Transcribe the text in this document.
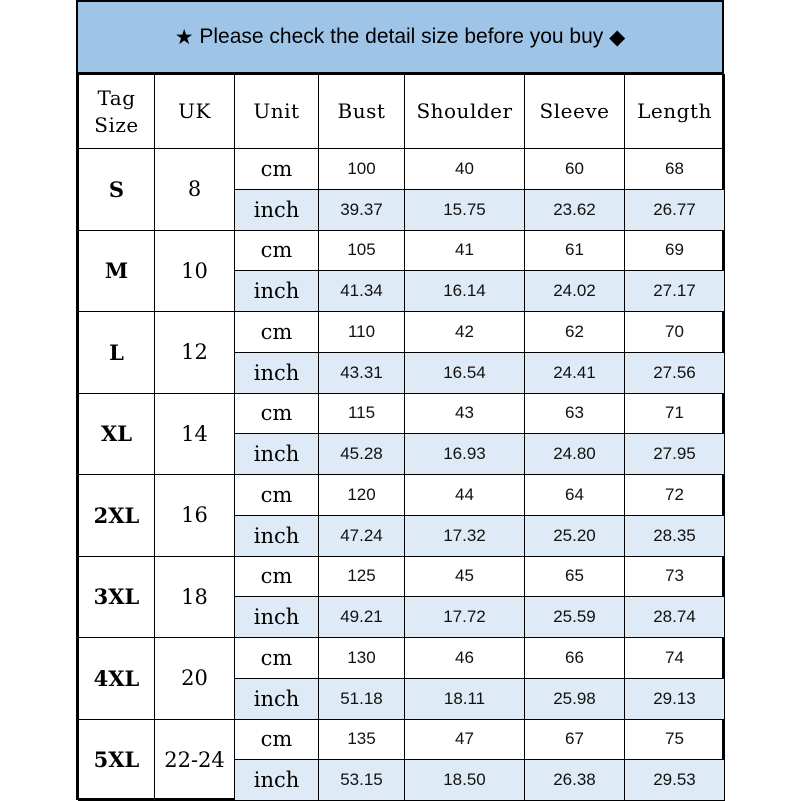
★
Please check the detail size before you buy
◆
Tag
Size	UK	Unit	Bust	Shoulder	Sleeve	Length
S	8	cm	100	40	60	68
		inch	39.37	15.75	23.62	26.77
M	10	cm	105	41	61	69
		inch	41.34	16.14	24.02	27.17
L	12	cm	110	42	62	70
		inch	43.31	16.54	24.41	27.56
XL	14	cm	115	43	63	71
		inch	45.28	16.93	24.80	27.95
2XL	16	cm	120	44	64	72
		inch	47.24	17.32	25.20	28.35
3XL	18	cm	125	45	65	73
		inch	49.21	17.72	25.59	28.74
4XL	20	cm	130	46	66	74
		inch	51.18	18.11	25.98	29.13
5XL	22-24	cm	135	47	67	75
		inch	53.15	18.50	26.38	29.53
